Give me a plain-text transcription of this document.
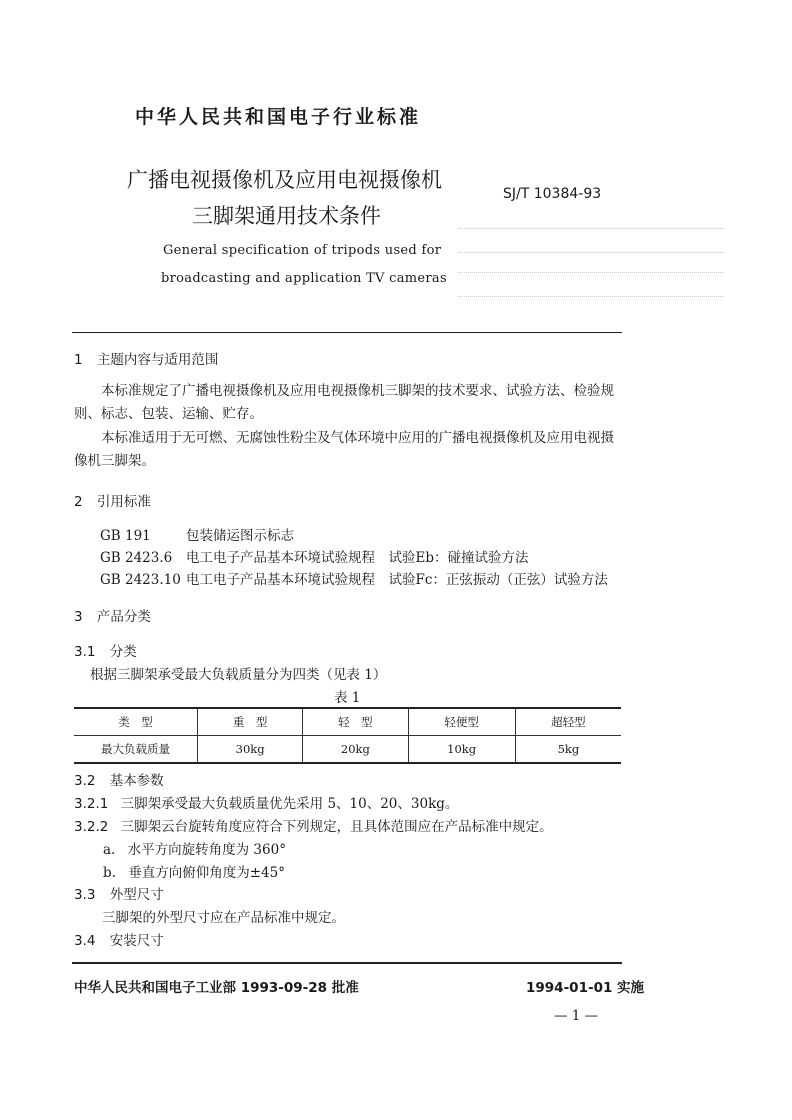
中华人民共和国电子行业标准
广播电视摄像机及应用电视摄像机
三脚架通用技术条件
General specification of tripods used for
broadcasting and application TV cameras
SJ/T 10384-93
1 主题内容与适用范围
本标准规定了广播电视摄像机及应用电视摄像机三脚架的技术要求、试验方法、检验规
则、标志、包装、运输、贮存。
本标准适用于无可燃、无腐蚀性粉尘及气体环境中应用的广播电视摄像机及应用电视摄
像机三脚架。
2 引用标准
GB 191	包装储运图示标志
GB 2423.6 电工电子产品基本环境试验规程　试验Eb：碰撞试验方法
GB 2423.10 电工电子产品基本环境试验规程　试验Fc：正弦振动（正弦）试验方法
3 产品分类
3.1 分类
根据三脚架承受最大负载质量分为四类（见表 1）
表 1
类　型	重　型	轻　型	轻便型	超轻型
最大负载质量	30kg	20kg	10kg	5kg
3.2 基本参数
3.2.1 三脚架承受最大负载质量优先采用 5、10、20、30kg。
3.2.2 三脚架云台旋转角度应符合下列规定，且具体范围应在产品标准中规定。
a. 水平方向旋转角度为 360°
b. 垂直方向俯仰角度为±45°
3.3 外型尺寸
三脚架的外型尺寸应在产品标准中规定。
3.4 安装尺寸
中华人民共和国电子工业部 1993-09-28 批准	1994-01-01 实施
— 1 —
